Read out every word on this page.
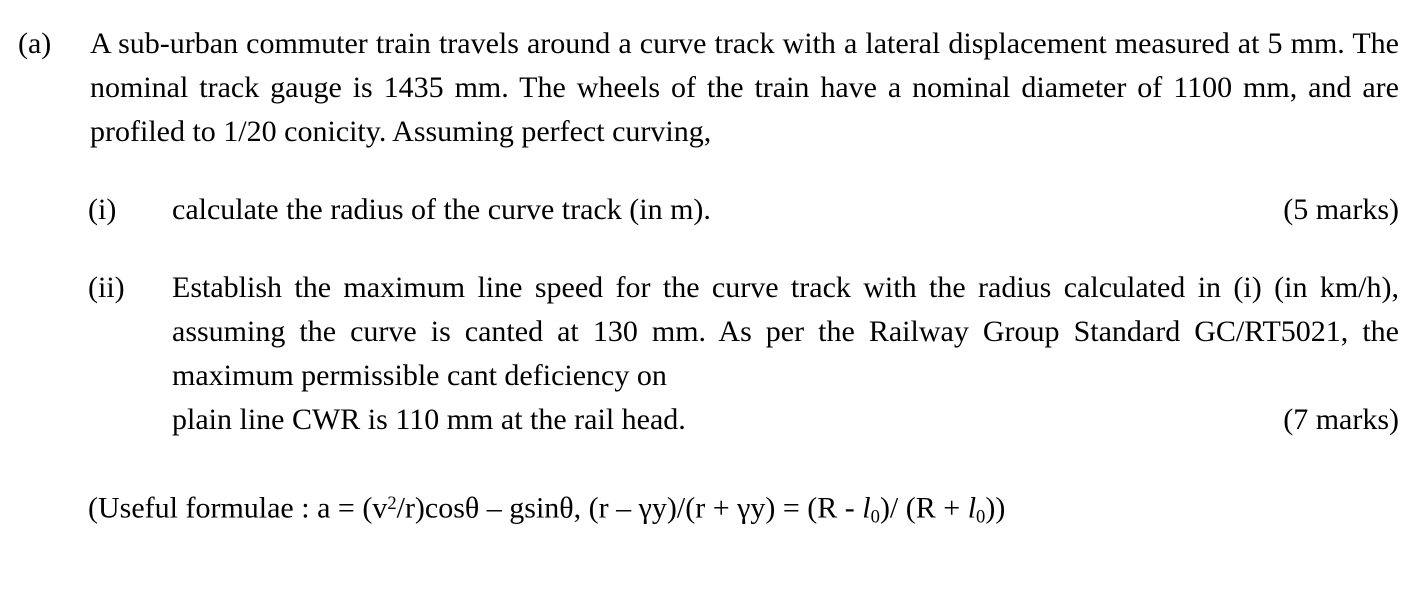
(a)	A sub-urban commuter train travels around a curve track with a lateral displacement measured at 5 mm. The nominal track gauge is 1435 mm. The wheels of the train have a nominal diameter of 1100 mm, and are profiled to 1/20 conicity. Assuming perfect curving,
(i)	calculate the radius of the curve track (in m).	(5 marks)
(ii)	Establish the maximum line speed for the curve track with the radius calculated in (i) (in km/h), assuming the curve is canted at 130 mm. As per the Railway Group Standard GC/RT5021, the maximum permissible cant deficiency on
plain line CWR is 110 mm at the rail head.	(7 marks)
(Useful formulae : $a = (v^2/r)\cos\theta - gsin\theta$, $(r - \gamma y)/(r + \gamma y) = (R - l_0)/$ $(R + l_0)$)
